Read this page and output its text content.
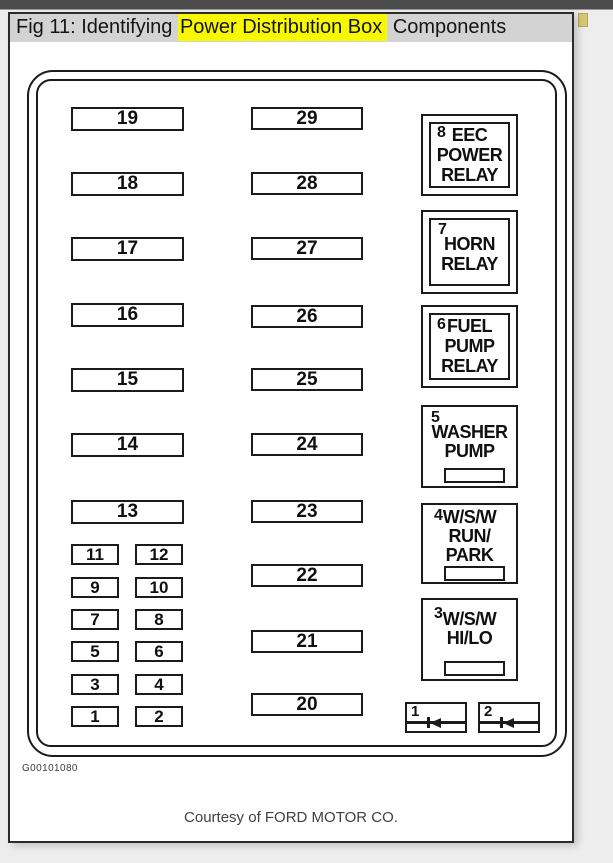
Fig 11: Identifying Power Distribution Box Components
19
18
17
16
15
14
13
29
28
27
26
25
24
23
22
21
20
11	12
9	10
7	8
5	6
3	4
1	2
8 EEC
POWER
RELAY
7
HORN
RELAY
6 FUEL
PUMP
RELAY
5
WASHER
PUMP
4 W/S/W
RUN/
PARK
3 W/S/W
HI/LO
1	2
G00101080
Courtesy of FORD MOTOR CO.
